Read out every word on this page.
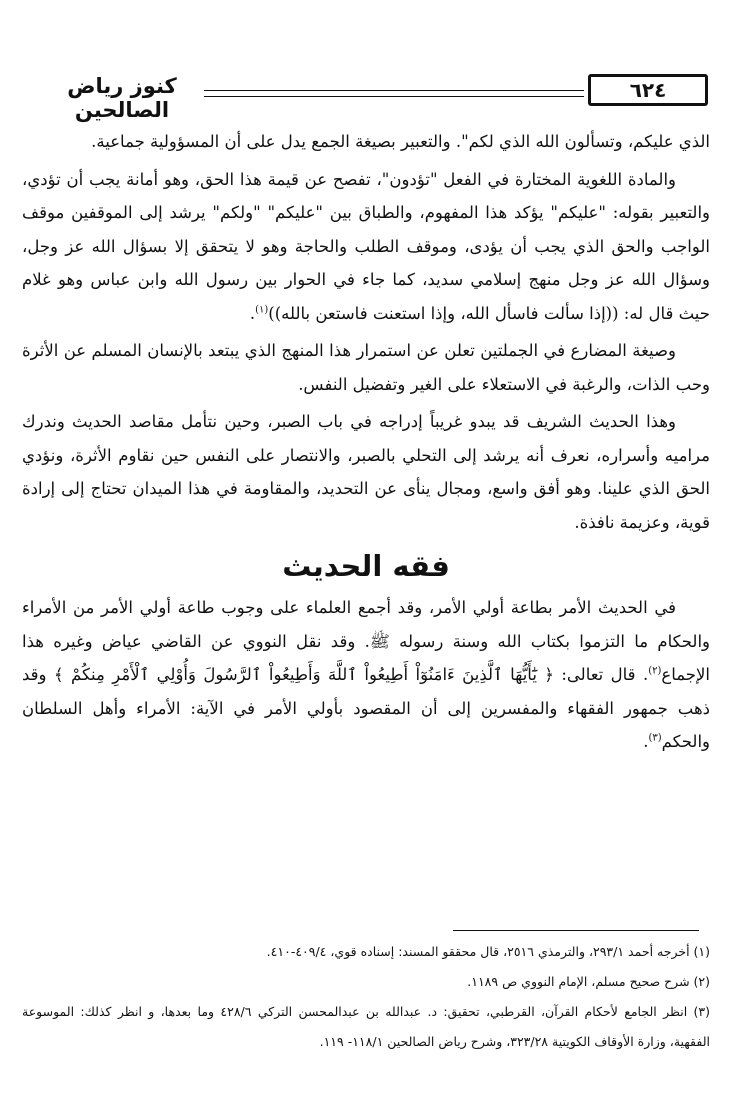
كنوز رياض الصالحين
٦٢٤

الذي عليكم، وتسألون الله الذي لكم". والتعبير بصيغة الجمع يدل على أن المسؤولية جماعية.

والمادة اللغوية المختارة في الفعل "تؤدون"، تفصح عن قيمة هذا الحق، وهو أمانة يجب أن تؤدي، والتعبير بقوله: "عليكم" يؤكد هذا المفهوم، والطباق بين "عليكم" "ولكم" يرشد إلى الموقفين موقف الواجب والحق الذي يجب أن يؤدى، وموقف الطلب والحاجة وهو لا يتحقق إلا بسؤال الله عز وجل، وسؤال الله عز وجل منهج إسلامي سديد، كما جاء في الحوار بين رسول الله وابن عباس وهو غلام حيث قال له: ((إذا سألت فاسأل الله، وإذا استعنت فاستعن بالله))$^{(١)}$.

وصيغة المضارع في الجملتين تعلن عن استمرار هذا المنهج الذي يبتعد بالإنسان المسلم عن الأثرة وحب الذات، والرغبة في الاستعلاء على الغير وتفضيل النفس.

وهذا الحديث الشريف قد يبدو غريباً إدراجه في باب الصبر، وحين نتأمل مقاصد الحديث وندرك مراميه وأسراره، نعرف أنه يرشد إلى التحلي بالصبر، والانتصار على النفس حين نقاوم الأثرة، ونؤدي الحق الذي علينا. وهو أفق واسع، ومجال ينأى عن التحديد، والمقاومة في هذا الميدان تحتاج إلى إرادة قوية، وعزيمة نافذة.

فقه الحديث

في الحديث الأمر بطاعة أولي الأمر، وقد أجمع العلماء على وجوب طاعة أولي الأمر من الأمراء والحكام ما التزموا بكتاب الله وسنة رسوله ﷺ. وقد نقل النووي عن القاضي عياض وغيره هذا الإجماع$^{(٢)}$. قال تعالى: ﴿ يَٰٓأَيُّهَا ٱلَّذِينَ ءَامَنُوٓاْ أَطِيعُواْ ٱللَّهَ وَأَطِيعُواْ ٱلرَّسُولَ وَأُوْلِي ٱلْأَمْرِ مِنكُمْ ﴾ وقد ذهب جمهور الفقهاء والمفسرين إلى أن المقصود بأولي الأمر في الآية: الأمراء وأهل السلطان والحكم$^{(٣)}$.

(١) أخرجه أحمد ٢٩٣/١، والترمذي ٢٥١٦، قال محققو المسند: إسناده قوي، ٤٠٩/٤-٤١٠.

(٢) شرح صحيح مسلم، الإمام النووي ص ١١٨٩.

(٣) انظر الجامع لأحكام القرآن، القرطبي، تحقيق: د. عبدالله بن عبدالمحسن التركي ٤٢٨/٦ وما بعدها، و انظر كذلك: الموسوعة الفقهية، وزارة الأوقاف الكويتية ٣٢٣/٢٨، وشرح رياض الصالحين ١١٨/١- ١١٩.
